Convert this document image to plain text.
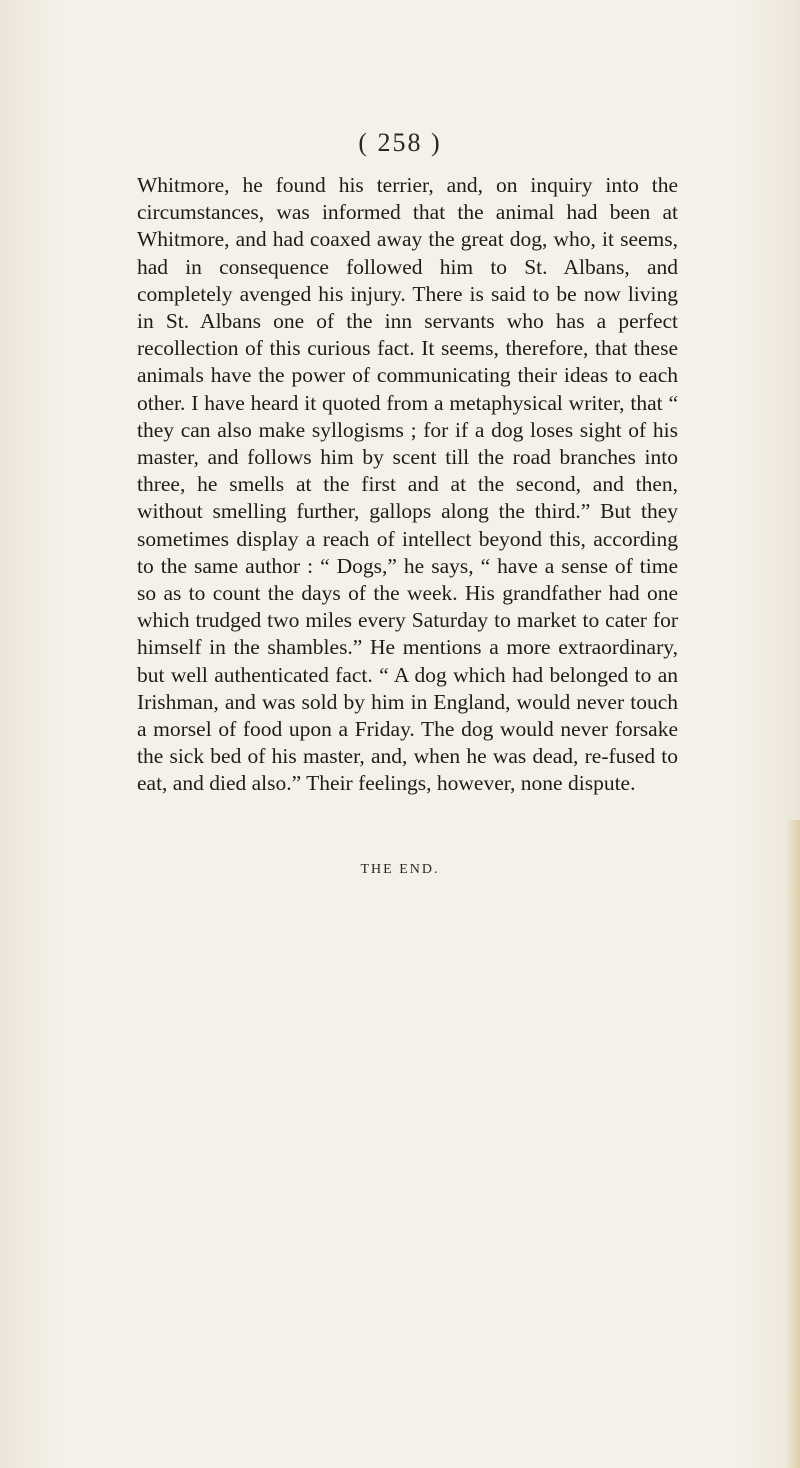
( 258 )

Whitmore, he found his terrier, and, on inquiry into the circumstances, was informed that the animal had been at Whitmore, and had coaxed away the great dog, who, it seems, had in consequence followed him to St. Albans, and completely avenged his injury. There is said to be now living in St. Albans one of the inn servants who has a perfect recollection of this curious fact. It seems, therefore, that these animals have the power of communicating their ideas to each other. I have heard it quoted from a metaphysical writer, that “ they can also make syllogisms ; for if a dog loses sight of his master, and follows him by scent till the road branches into three, he smells at the first and at the second, and then, without smelling further, gallops along the third.” But they sometimes display a reach of intellect beyond this, according to the same author : “ Dogs,” he says, “ have a sense of time so as to count the days of the week. His grandfather had one which trudged two miles every Saturday to market to cater for himself in the shambles.” He mentions a more extraordinary, but well authenticated fact. “ A dog which had belonged to an Irishman, and was sold by him in England, would never touch a morsel of food upon a Friday. The dog would never forsake the sick bed of his master, and, when he was dead, re-fused to eat, and died also.” Their feelings, however, none dispute.

THE END.
